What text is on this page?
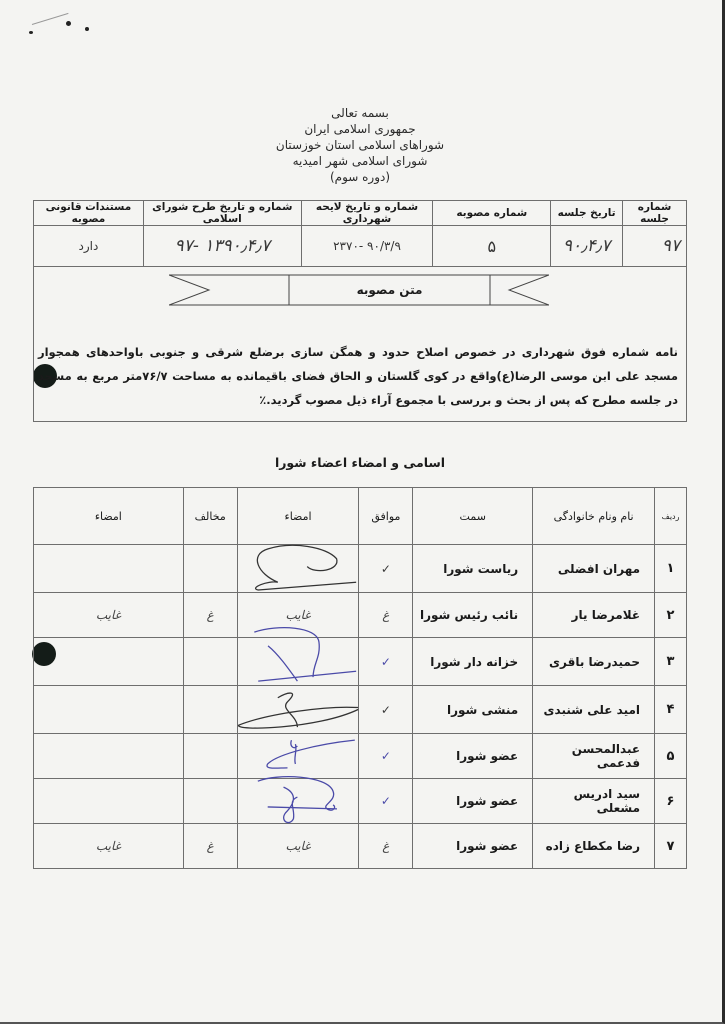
بسمه تعالی
جمهوری اسلامی ایران
شوراهای اسلامی استان خوزستان
شورای اسلامی شهر امیدیه
(دوره سوم)
شماره جلسه	تاریخ جلسه	شماره مصوبه	شماره و تاریخ لایحه شهرداری	شماره و تاریخ طرح شورای اسلامی	مستندات قانونی مصوبه
۹۷	۹۰٫۴٫۷	۵	۹۰/۳/۹ -۲۳۷۰	۱۳۹۰٫۴٫۷ -۹۷	دارد
متن مصوبه
نامه شماره فوق شهرداری در خصوص اصلاح حدود و همگن سازی برضلع شرقی و جنوبی باواحدهای همجوار مسجد علی ابن موسی الرضا(ع)واقع در کوی گلستان و الحاق فضای باقیمانده به مساحت ۷۶/۷متر مربع به مسجد در جلسه مطرح که پس از بحث و بررسی با مجموع آراء ذیل مصوب گردید.٪
اسامی و امضاء اعضاء شورا
ردیف	نام ونام خانوادگی	سمت	موافق	امضاء	مخالف	امضاء
۱	مهران افضلی	ریاست شورا	✓	

۲	غلامرضا یار	نائب رئیس شورا	غ	غایب	غ	غایب
۳	حمیدرضا باقری	خزانه دار شورا	✓	

۴	امید علی شنبدی	منشی شورا	✓	

۵	عبدالمحسن فدعمی	عضو شورا	✓	

۶	سید ادریس مشعلی	عضو شورا	✓	

۷	رضا مکطاع زاده	عضو شورا	غ	غایب	غ	غایب
